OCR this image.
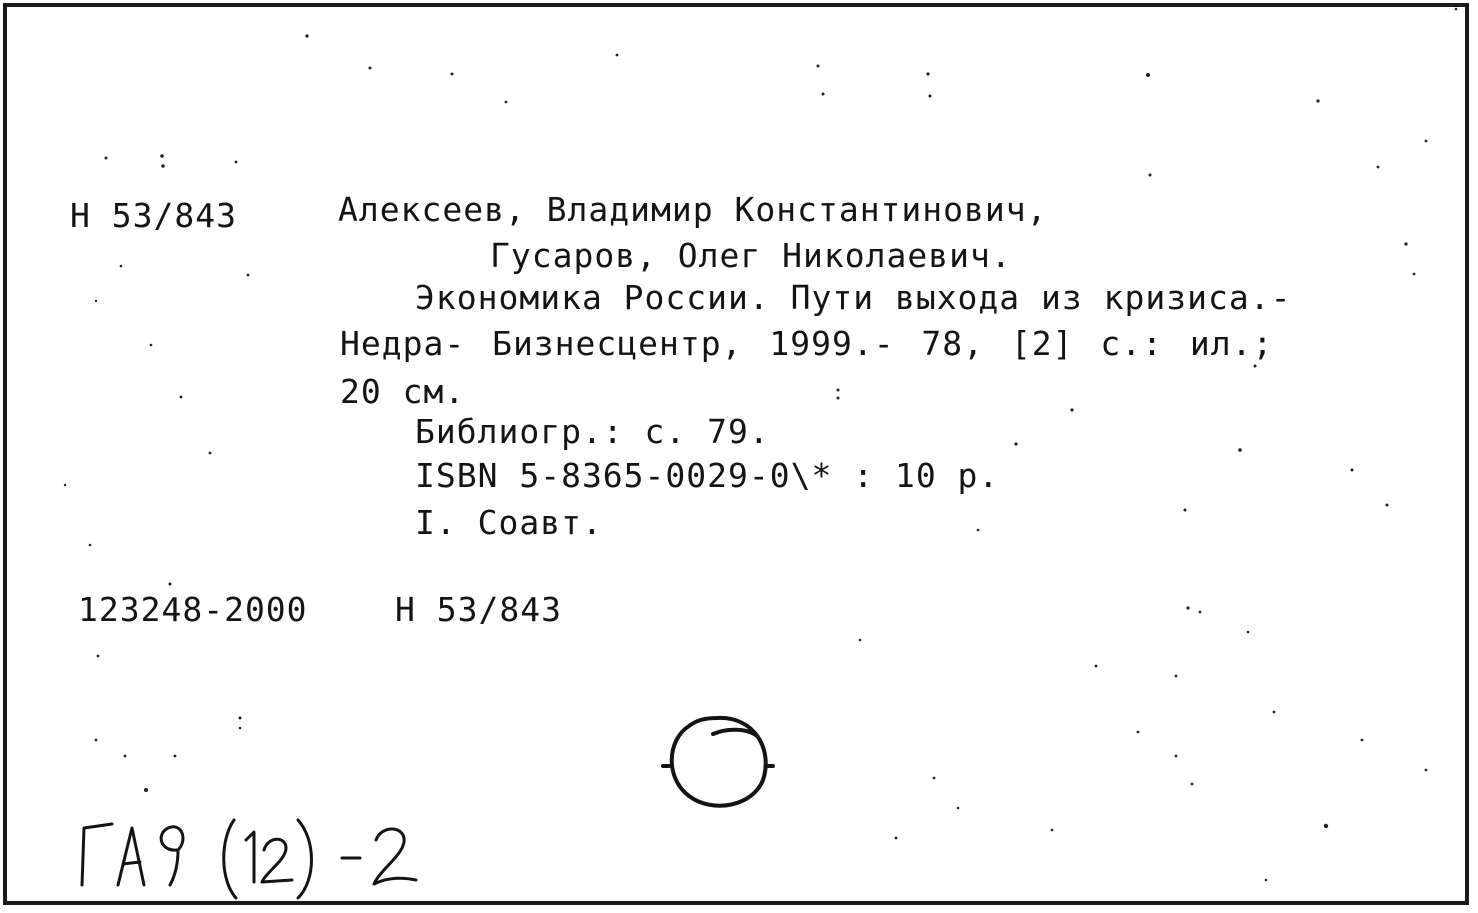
Н 53/843	Алексеев, Владимир Константинович,
Гусаров, Олег Николаевич.
Экономика России. Пути выхода из кризиса.-
Недра- Бизнесцентр, 1999.- 78, [2] с.: ил.;
20 см.
Библиогр.: с. 79.
ISBN 5-8365-0029-0\* : 10 р.
I. Соавт.
123248-2000	Н 53/843
